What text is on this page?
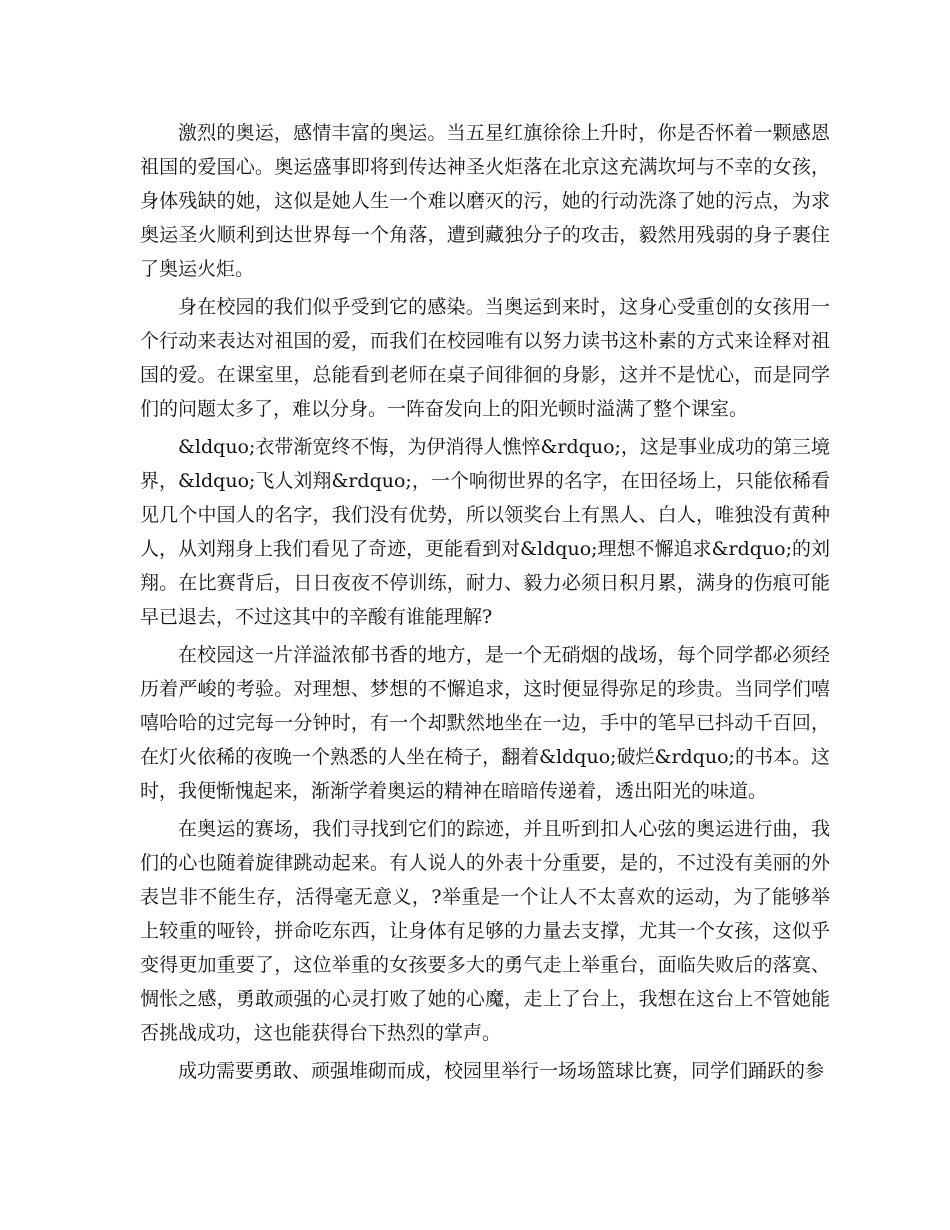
激烈的奥运，感情丰富的奥运。当五星红旗徐徐上升时，你是否怀着一颗感恩祖国的爱国心。奥运盛事即将到传达神圣火炬落在北京这充满坎坷与不幸的女孩，身体残缺的她，这似是她人生一个难以磨灭的污，她的行动洗涤了她的污点，为求奥运圣火顺利到达世界每一个角落，遭到藏独分子的攻击，毅然用残弱的身子裹住了奥运火炬。

身在校园的我们似乎受到它的感染。当奥运到来时，这身心受重创的女孩用一个行动来表达对祖国的爱，而我们在校园唯有以努力读书这朴素的方式来诠释对祖国的爱。在课室里，总能看到老师在桌子间徘徊的身影，这并不是忧心，而是同学们的问题太多了，难以分身。一阵奋发向上的阳光顿时溢满了整个课室。

&ldquo;衣带渐宽终不悔，为伊消得人憔悴&rdquo;，这是事业成功的第三境界，&ldquo;飞人刘翔&rdquo;，一个响彻世界的名字，在田径场上，只能依稀看见几个中国人的名字，我们没有优势，所以领奖台上有黑人、白人，唯独没有黄种人，从刘翔身上我们看见了奇迹，更能看到对&ldquo;理想不懈追求&rdquo;的刘翔。在比赛背后，日日夜夜不停训练，耐力、毅力必须日积月累，满身的伤痕可能早已退去，不过这其中的辛酸有谁能理解?

在校园这一片洋溢浓郁书香的地方，是一个无硝烟的战场，每个同学都必须经历着严峻的考验。对理想、梦想的不懈追求，这时便显得弥足的珍贵。当同学们嘻嘻哈哈的过完每一分钟时，有一个却默然地坐在一边，手中的笔早已抖动千百回，在灯火依稀的夜晚一个熟悉的人坐在椅子，翻着&ldquo;破烂&rdquo;的书本。这时，我便惭愧起来，渐渐学着奥运的精神在暗暗传递着，透出阳光的味道。

在奥运的赛场，我们寻找到它们的踪迹，并且听到扣人心弦的奥运进行曲，我们的心也随着旋律跳动起来。有人说人的外表十分重要，是的，不过没有美丽的外表岂非不能生存，活得毫无意义，?举重是一个让人不太喜欢的运动，为了能够举上较重的哑铃，拼命吃东西，让身体有足够的力量去支撑，尤其一个女孩，这似乎变得更加重要了，这位举重的女孩要多大的勇气走上举重台，面临失败后的落寞、惆怅之感，勇敢顽强的心灵打败了她的心魔，走上了台上，我想在这台上不管她能否挑战成功，这也能获得台下热烈的掌声。

成功需要勇敢、顽强堆砌而成，校园里举行一场场篮球比赛，同学们踊跃的参
